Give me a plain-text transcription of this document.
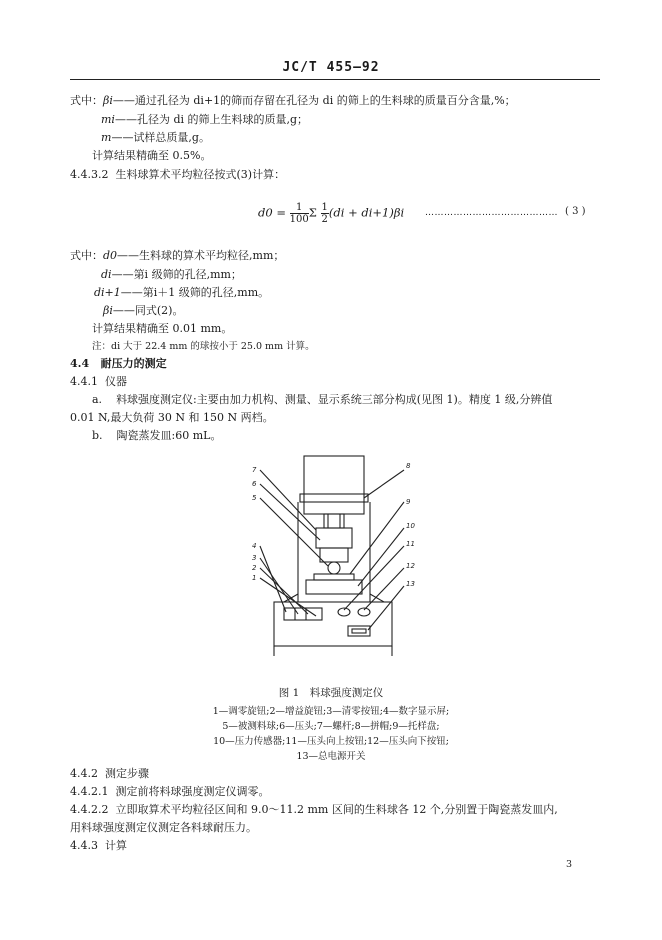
JC/T 455—92
式中：βi——通过孔径为 di+1的筛而存留在孔径为 di 的筛上的生料球的质量百分含量,%；
mi——孔径为 di 的筛上生料球的质量,g；
m——试样总质量,g。
计算结果精确至 0.5%。
4.4.3.2 生料球算术平均粒径按式(3)计算：
$d0 = \frac{1}{100}$ Σ $\frac{1}{2} (di + di+1)\beta i$ …………………………………… ( 3 )
式中：d0——生料球的算术平均粒径,mm；
di——第i 级筛的孔径,mm；
di+1——第i＋1 级筛的孔径,mm。
βi——同式(2)。
计算结果精确至 0.01 mm。
注：di 大于 22.4 mm 的球按小于 25.0 mm 计算。
4.4 耐压力的测定
4.4.1 仪器
a. 料球强度测定仪:主要由加力机构、测量、显示系统三部分构成(见图 1)。精度 1 级,分辨值
0.01 N,最大负荷 30 N 和 150 N 两档。
b. 陶瓷蒸发皿:60 mL。
7
6
5
4
3
2
1
8
9
10
11
12
13
图 1　料球强度测定仪
1—调零旋钮;2—增益旋钮;3—清零按钮;4—数字显示屏;
5—被测料球;6—压头;7—螺杆;8—拼帽;9—托样盘;
10—压力传感器;11—压头向上按钮;12—压头向下按钮;
13—总电源开关
4.4.2 测定步骤
4.4.2.1 测定前将料球强度测定仪调零。
4.4.2.2 立即取算术平均粒径区间和 9.0～11.2 mm 区间的生料球各 12 个,分别置于陶瓷蒸发皿内,
用料球强度测定仪测定各料球耐压力。
4.4.3 计算
3
